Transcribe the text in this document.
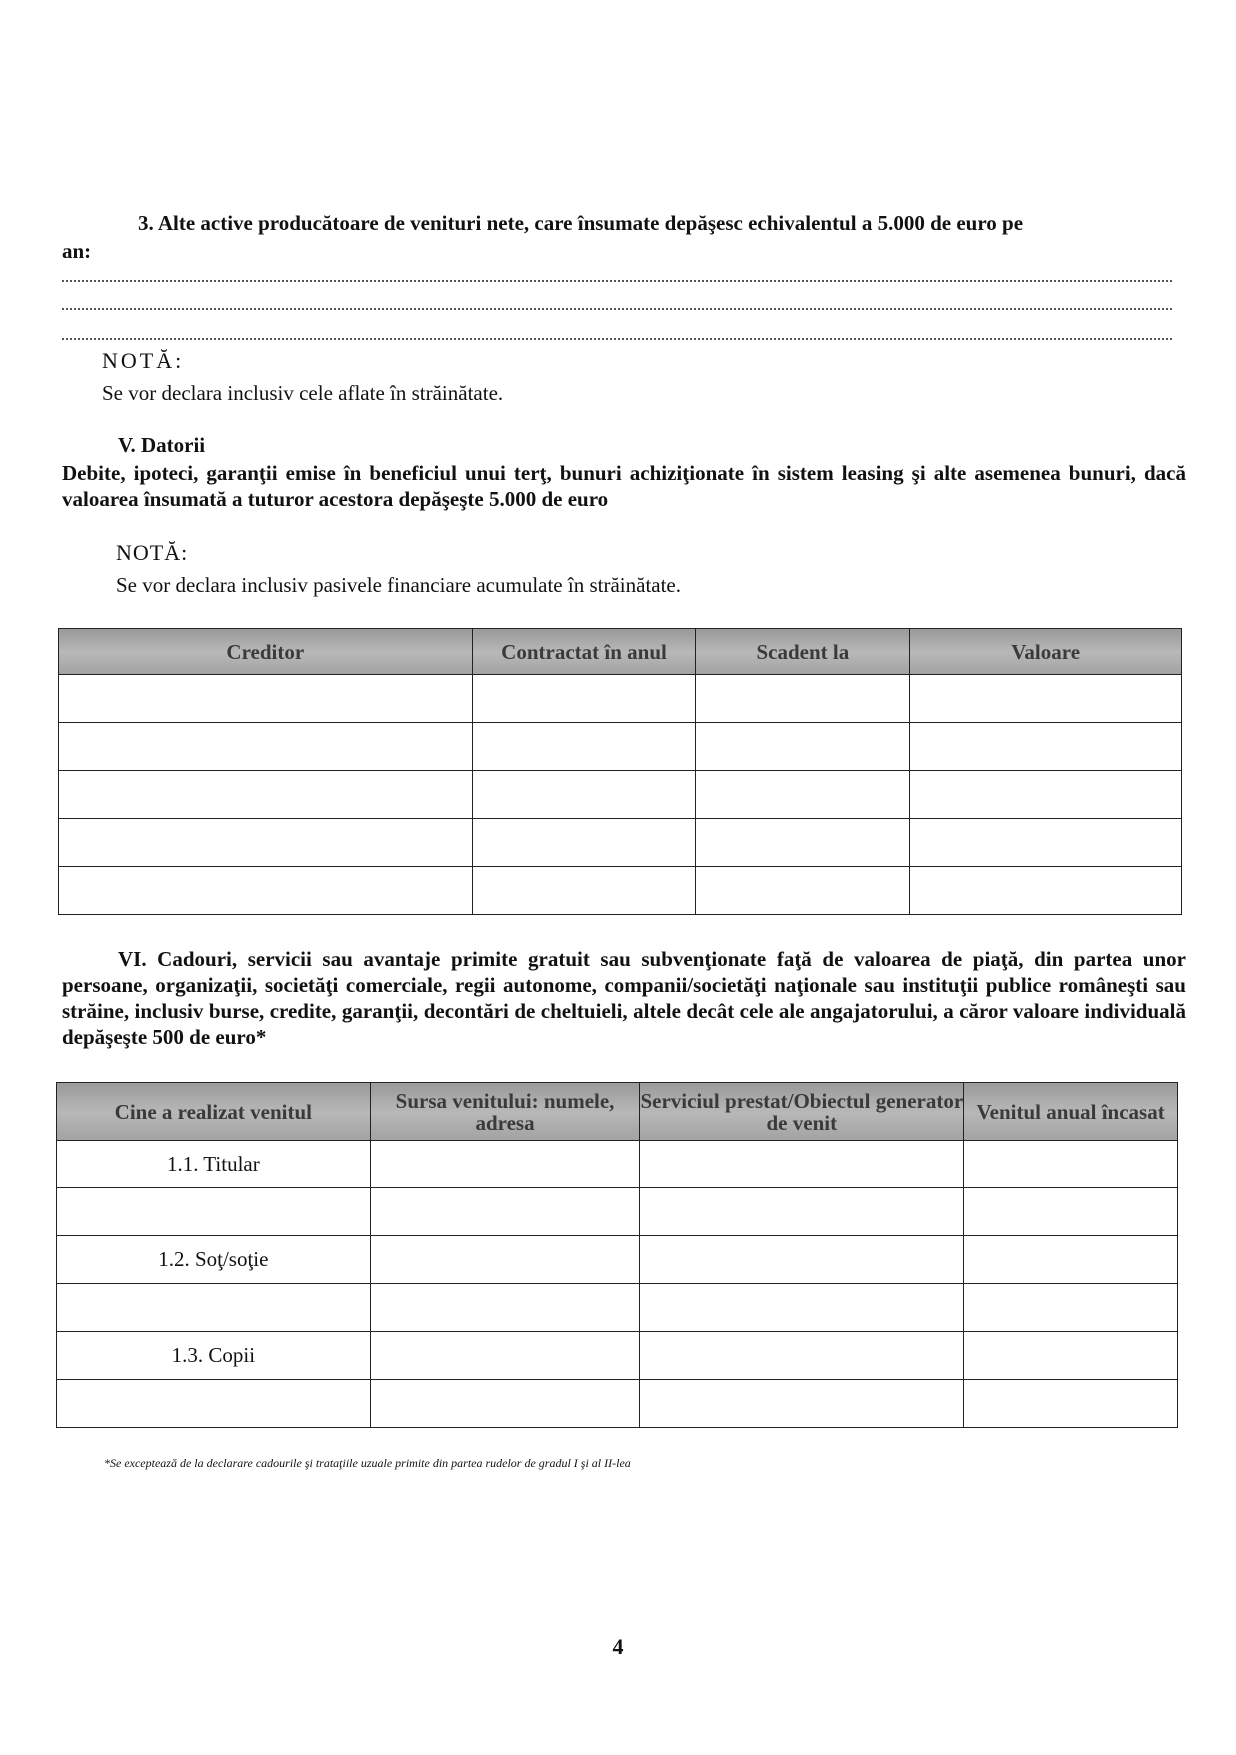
3. Alte active producătoare de venituri nete, care însumate depăşesc echivalentul a 5.000 de euro pe
an:
NOTĂ:
Se vor declara inclusiv cele aflate în străinătate.
V. Datorii
Debite, ipoteci, garanţii emise în beneficiul unui terţ, bunuri achiziţionate în sistem leasing şi alte asemenea bunuri, dacă valoarea însumată a tuturor acestora depăşeşte 5.000 de euro
NOTĂ:
Se vor declara inclusiv pasivele financiare acumulate în străinătate.
Creditor	Contractat în anul	Scadent la	Valoare

VI. Cadouri, servicii sau avantaje primite gratuit sau subvenţionate faţă de valoarea de piaţă, din partea unor persoane, organizaţii, societăţi comerciale, regii autonome, companii/societăţi naţionale sau instituţii publice româneşti sau străine, inclusiv burse, credite, garanţii, decontări de cheltuieli, altele decât cele ale angajatorului, a căror valoare individuală depăşeşte 500 de euro*
Cine a realizat venitul	Sursa venitului: numele, adresa	Serviciul prestat/Obiectul generator de venit	Venitul anual încasat
1.1. Titular			

1.2. Soţ/soţie			

1.3. Copii			

*Se exceptează de la declarare cadourile şi trataţiile uzuale primite din partea rudelor de gradul I şi al II-lea
4
